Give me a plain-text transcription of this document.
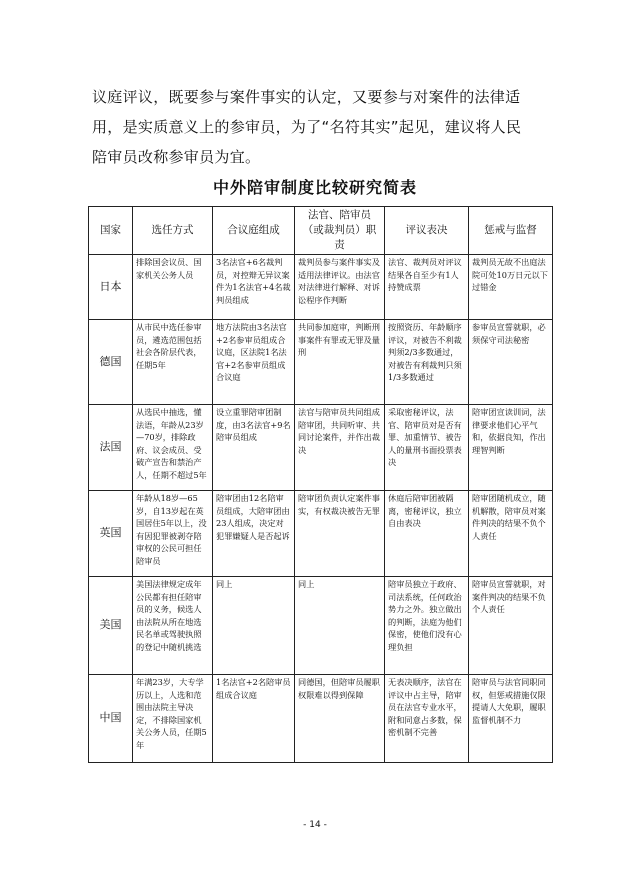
议庭评议，既要参与案件事实的认定，又要参与对案件的法律适

用，是实质意义上的参审员，为了“名符其实”起见，建议将人民

陪审员改称参审员为宜。

中外陪审制度比较研究简表
国家	选任方式	合议庭组成	法官、陪审员（或裁判员）职责	评议表决	惩戒与监督
日本	排除国会议员、国家机关公务人员	3名法官+6名裁判员，对控辩无异议案件为1名法官+4名裁判员组成	裁判员参与案件事实及适用法律评议。由法官对法律进行解释、对诉讼程序作判断	法官、裁判员对评议结果各自至少有1人持赞成票	裁判员无故不出庭法院可处10万日元以下过错金
德国	从市民中选任参审员，遴选范围包括社会各阶层代表，任期5年	地方法院由3名法官+2名参审员组成合议庭，区法院1名法官+2名参审员组成合议庭	共同参加庭审，判断刑事案件有罪或无罪及量刑	按照资历、年龄顺序评议，对被告不利裁判须2/3多数通过，对被告有利裁判只须1/3多数通过	参审员宣誓就职，必须保守司法秘密
法国	从选民中抽选，懂法语，年龄从23岁—70岁，排除政府、议会成员、受破产宣告和禁治产人，任期不超过5年	设立重罪陪审团制度，由3名法官+9名陪审员组成	法官与陪审员共同组成陪审团，共同听审、共同讨论案件，并作出裁决	采取密秘评议，法官、陪审员对是否有罪、加重情节、被告人的量刑书面投票表决	陪审团宣读训词，法律要求他们心平气和，依据良知，作出理智判断
英国	年龄从18岁—65岁，自13岁起在英国居住5年以上，没有因犯罪被剥夺陪审权的公民可担任陪审员	陪审团由12名陪审员组成，大陪审团由23人组成，决定对犯罪嫌疑人是否起诉	陪审团负责认定案件事实，有权裁决被告无罪	休庭后陪审团被隔离，密秘评议，独立自由表决	陪审团随机成立，随机解散，陪审员对案件判决的结果不负个人责任
美国	美国法律规定成年公民都有担任陪审员的义务，候选人由法院从所在地选民名单或驾驶执照的登记中随机挑选	同上	同上	陪审员独立于政府、司法系统，任何政治势力之外。独立做出的判断，法庭为他们保密，使他们没有心理负担	陪审员宣誓就职，对案件判决的结果不负个人责任
中国	年满23岁，大专学历以上，人选和范围由法院主导决定，不排除国家机关公务人员，任期5年	1名法官+2名陪审员组成合议庭	同德国，但陪审员履职权限难以得到保障	无表决顺序，法官在评议中占主导，陪审员在法官专业水平，附和同意占多数，保密机制不完善	陪审员与法官同职同权，但惩戒措施仅限提请人大免职，履职监督机制不力
- 14 -
